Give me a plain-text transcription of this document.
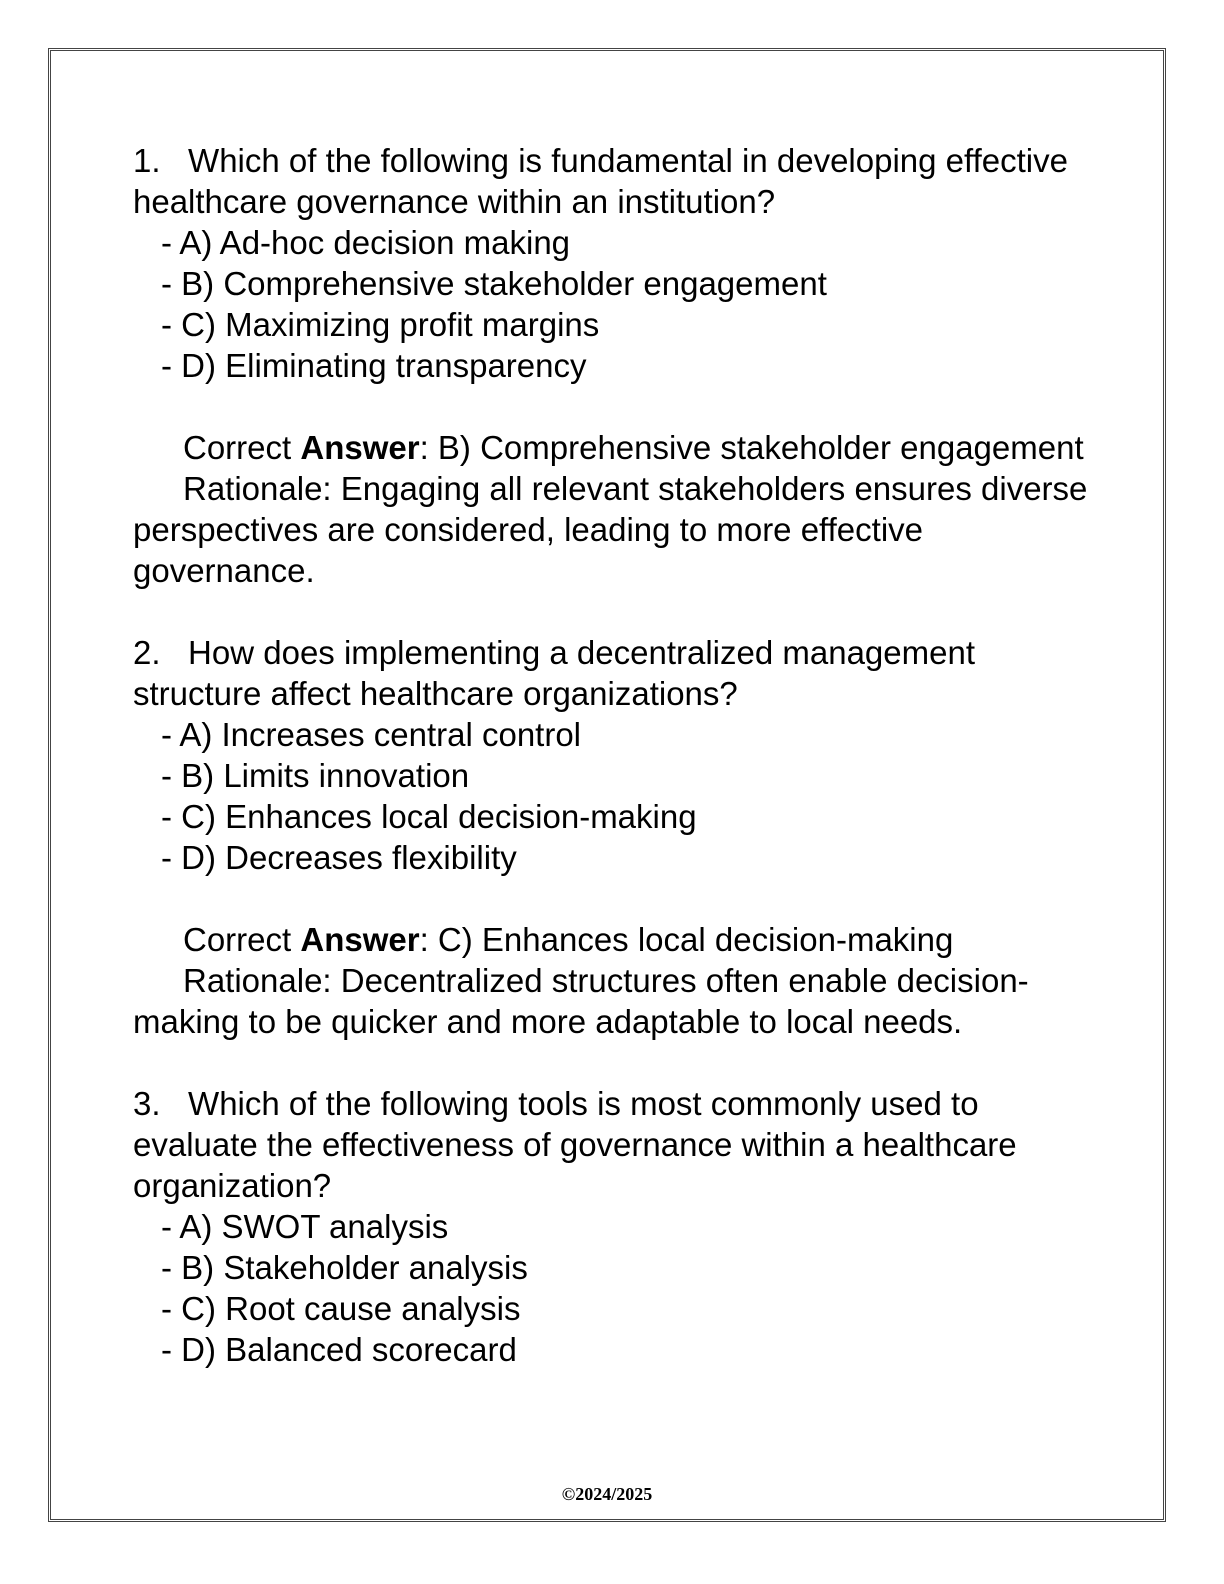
1. Which of the following is fundamental in developing effective healthcare governance within an institution?

- A) Ad-hoc decision making
- B) Comprehensive stakeholder engagement
- C) Maximizing profit margins
- D) Eliminating transparency

Correct Answer: B) Comprehensive stakeholder engagement

Rationale: Engaging all relevant stakeholders ensures diverse perspectives are considered, leading to more effective governance.

2. How does implementing a decentralized management structure affect healthcare organizations?

- A) Increases central control
- B) Limits innovation
- C) Enhances local decision-making
- D) Decreases flexibility

Correct Answer: C) Enhances local decision-making

Rationale: Decentralized structures often enable decision-making to be quicker and more adaptable to local needs.

3. Which of the following tools is most commonly used to evaluate the effectiveness of governance within a healthcare organization?

- A) SWOT analysis
- B) Stakeholder analysis
- C) Root cause analysis
- D) Balanced scorecard
©2024/2025
